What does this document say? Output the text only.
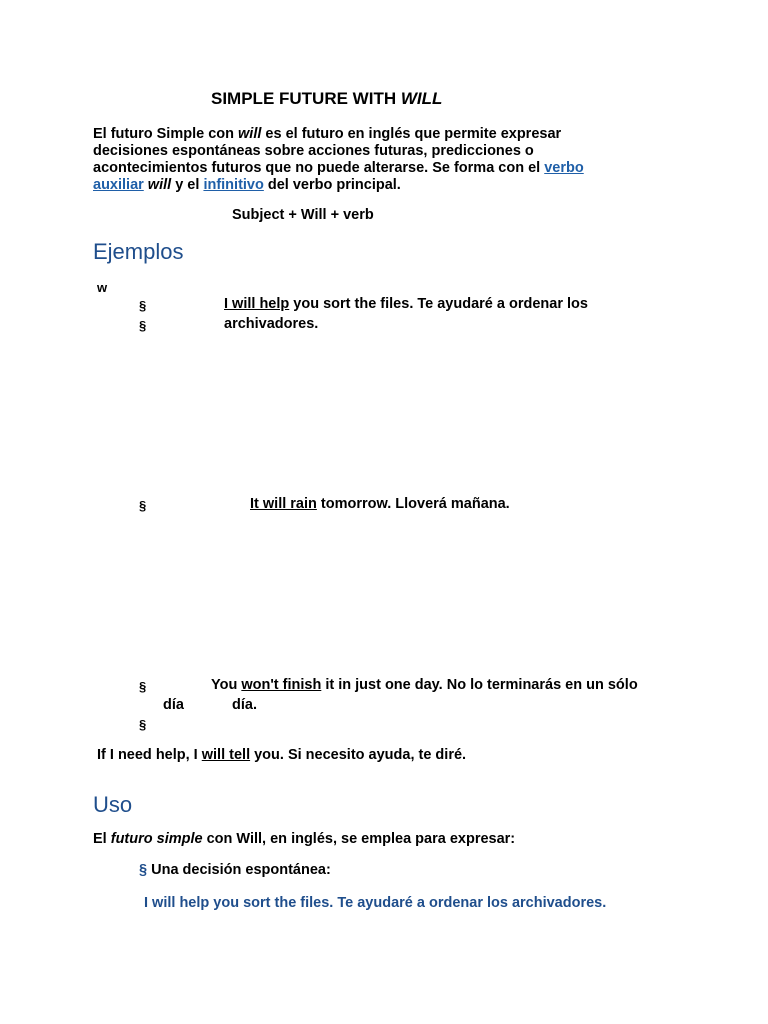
SIMPLE FUTURE WITH WILL
El futuro Simple con will es el futuro en inglés que permite expresar
decisiones espontáneas sobre acciones futuras, predicciones o
acontecimientos futuros que no puede alterarse. Se forma con el verbo
auxiliar will y el infinitivo del verbo principal.
Subject + Will + verb
Ejemplos
w
§	I will help you sort the files. Te ayudaré a ordenar los
§	archivadores.
§	It will rain tomorrow. Lloverá mañana.
§	You won't finish it in just one day. No lo terminarás en un sólo
día	día.
§
If I need help, I will tell you. Si necesito ayuda, te diré.
Uso
El futuro simple con Will, en inglés, se emplea para expresar:
§ Una decisión espontánea:
I will help you sort the files. Te ayudaré a ordenar los archivadores.
